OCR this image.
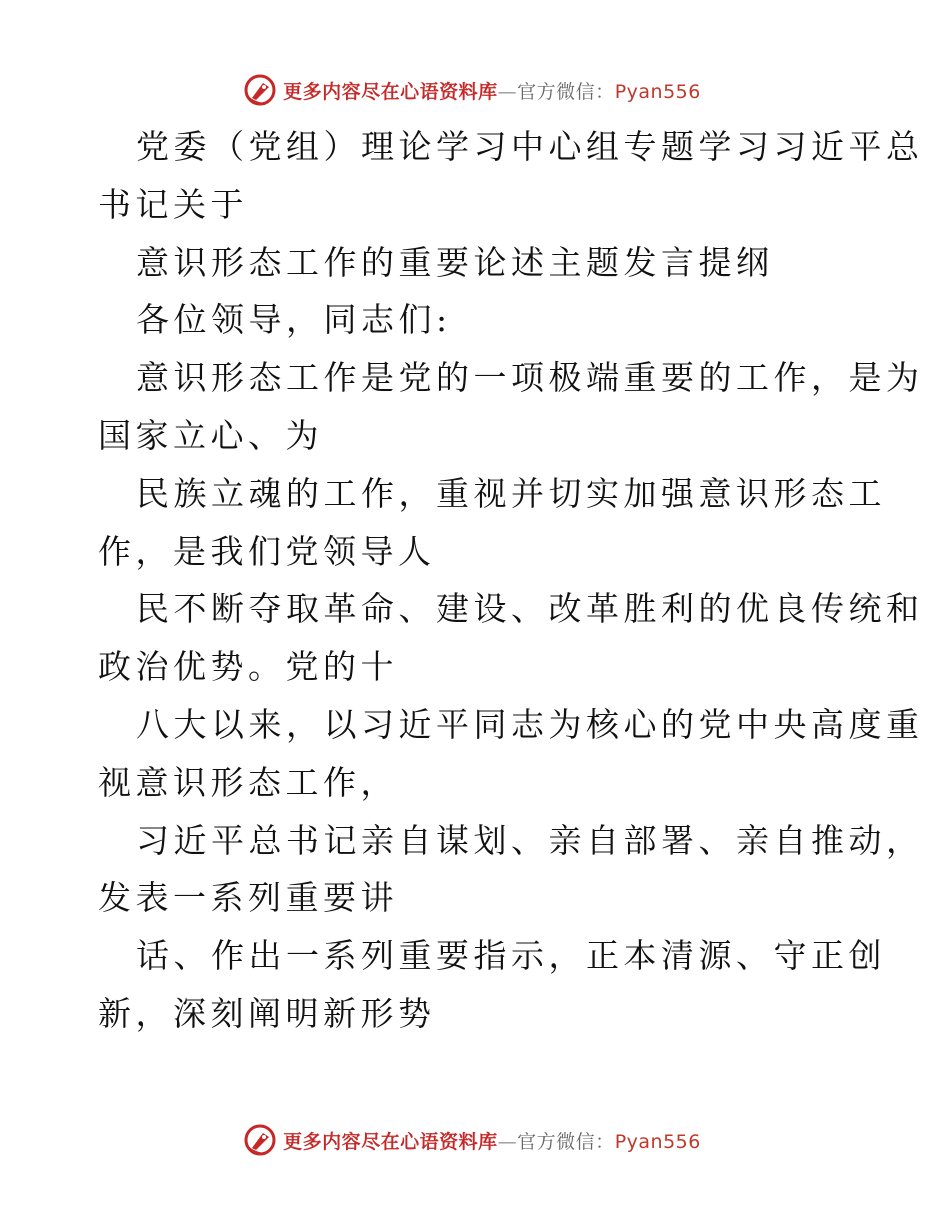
更多内容尽在心语资料库—官方微信：Pyan556
党委（党组）理论学习中心组专题学习习近平总
书记关于
意识形态工作的重要论述主题发言提纲
各位领导，同志们:
意识形态工作是党的一项极端重要的工作，是为
国家立心、为
民族立魂的工作，重视并切实加强意识形态工
作，是我们党领导人
民不断夺取革命、建设、改革胜利的优良传统和
政治优势。党的十
八大以来，以习近平同志为核心的党中央高度重
视意识形态工作，
习近平总书记亲自谋划、亲自部署、亲自推动，
发表一系列重要讲
话、作出一系列重要指示，正本清源、守正创
新，深刻阐明新形势
更多内容尽在心语资料库—官方微信：Pyan556
